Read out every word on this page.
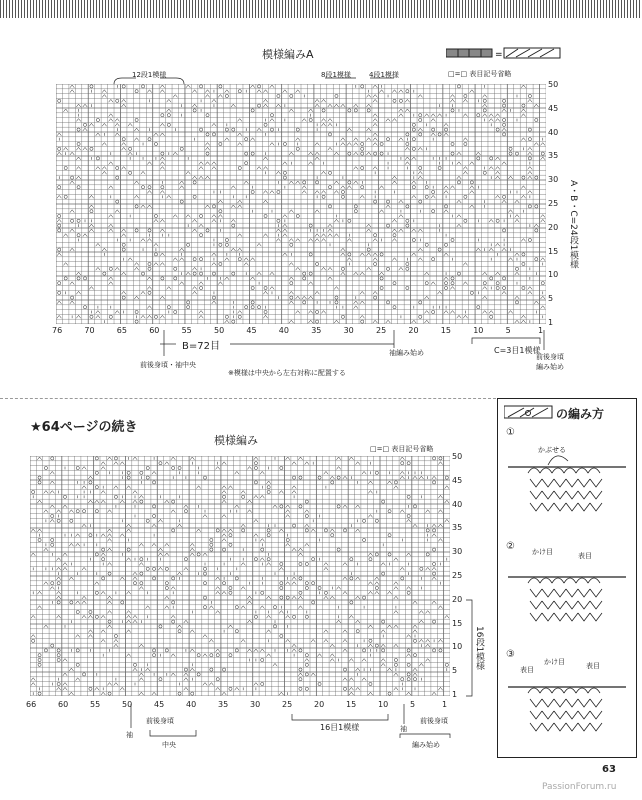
模様編みA	=
12段1模様	8段1模様	4段1模様	□=□ 表目記号省略
50
45
40
35
30
25
20
15
10
5
1
76	70	65	60	55	50	45	40	35	30	25	20	15	10	5	1
A・B・C=24段1模様
B=72目	C=3目1模様
前後身頃・袖中央
袖編み始め	前後身頃編み始め
※模様は中央から左右対称に配置する
★64ページの続き
模様編み
□=□ 表目記号省略
50
45
40
35
30
25
20
15
10
5
1
66	60	55	50	45	40	35	30	25	20	15	10	5	1
16段1模様
16目1模様
袖
前後身頃
中央
袖
編み始め
前後身頃
の編み方
①
かぶせる
② かけ目	表目
③
表目
かけ目	表目
63
PassionForum.ru
